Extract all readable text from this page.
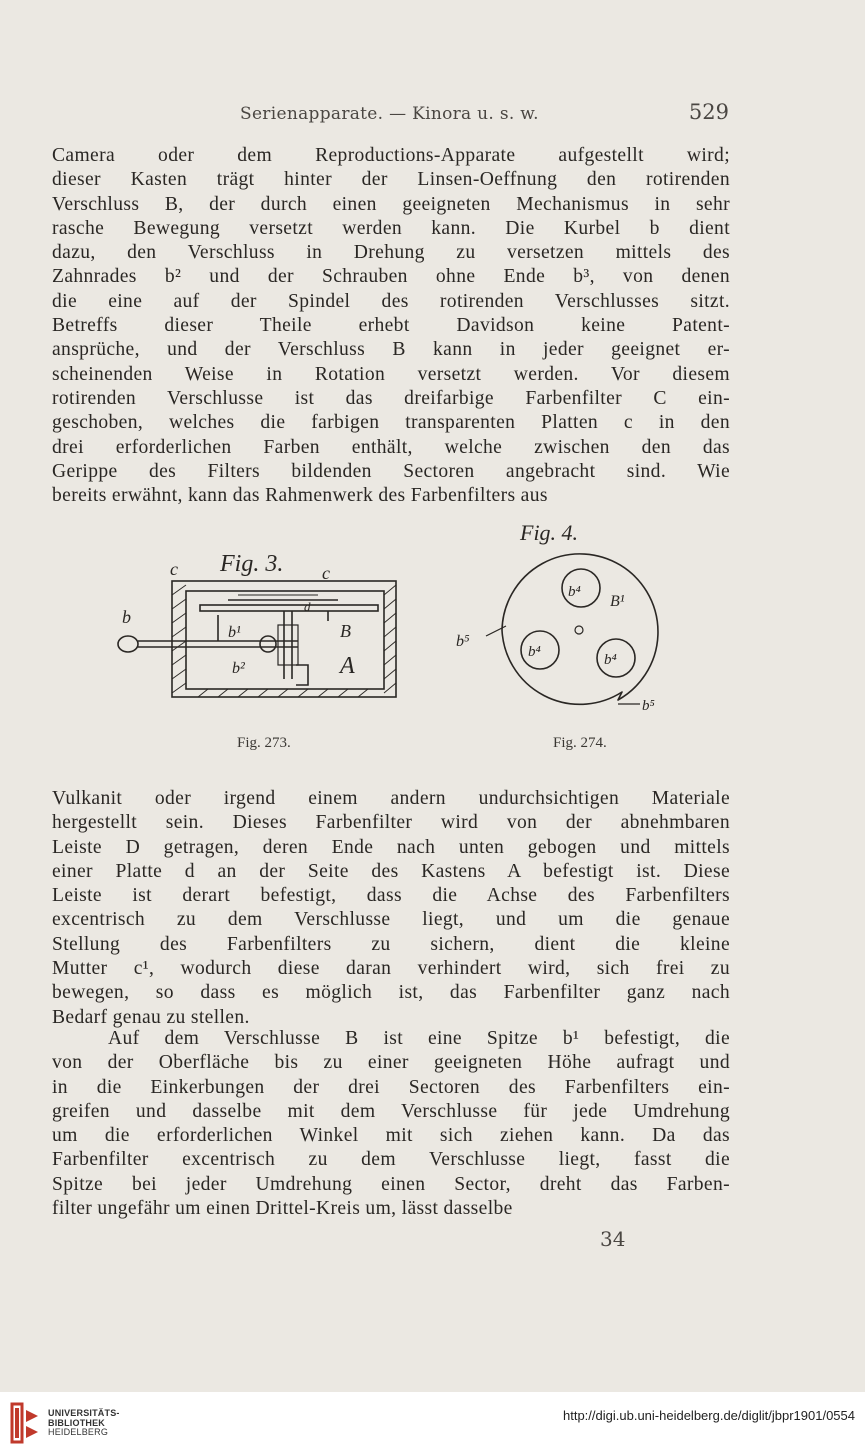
Serienapparate. — Kinora u. s. w.	529
Camera oder dem Reproductions-Apparate aufgestellt wird;
dieser Kasten trägt hinter der Linsen-Oeffnung den rotirenden
Verschluss B, der durch einen geeigneten Mechanismus in sehr
rasche Bewegung versetzt werden kann. Die Kurbel b dient
dazu, den Verschluss in Drehung zu versetzen mittels des
Zahnrades b² und der Schrauben ohne Ende b³, von denen
die eine auf der Spindel des rotirenden Verschlusses sitzt.
Betreffs dieser Theile erhebt Davidson keine Patent-
ansprüche, und der Verschluss B kann in jeder geeignet er-
scheinenden Weise in Rotation versetzt werden. Vor diesem
rotirenden Verschlusse ist das dreifarbige Farbenfilter C ein-
geschoben, welches die farbigen transparenten Platten c in den
drei erforderlichen Farben enthält, welche zwischen den das
Gerippe des Filters bildenden Sectoren angebracht sind. Wie
bereits erwähnt, kann das Rahmenwerk des Farbenfilters aus
Fig. 3.
c	c
b
b¹
d
B
b²	A
Fig. 273.
Fig. 4.
b⁴
B¹
b⁵
b⁴	b⁴
b⁵
Fig. 274.
Vulkanit oder irgend einem andern undurchsichtigen Materiale
hergestellt sein. Dieses Farbenfilter wird von der abnehmbaren
Leiste D getragen, deren Ende nach unten gebogen und mittels
einer Platte d an der Seite des Kastens A befestigt ist. Diese
Leiste ist derart befestigt, dass die Achse des Farbenfilters
excentrisch zu dem Verschlusse liegt, und um die genaue
Stellung des Farbenfilters zu sichern, dient die kleine
Mutter c¹, wodurch diese daran verhindert wird, sich frei zu
bewegen, so dass es möglich ist, das Farbenfilter ganz nach
Bedarf genau zu stellen.
Auf dem Verschlusse B ist eine Spitze b¹ befestigt, die
von der Oberfläche bis zu einer geeigneten Höhe aufragt und
in die Einkerbungen der drei Sectoren des Farbenfilters ein-
greifen und dasselbe mit dem Verschlusse für jede Umdrehung
um die erforderlichen Winkel mit sich ziehen kann. Da das
Farbenfilter excentrisch zu dem Verschlusse liegt, fasst die
Spitze bei jeder Umdrehung einen Sector, dreht das Farben-
filter ungefähr um einen Drittel-Kreis um, lässt dasselbe
34
UNIVERSITÄTS-
BIBLIOTHEK
HEIDELBERG
http://digi.ub.uni-heidelberg.de/diglit/jbpr1901/0554
